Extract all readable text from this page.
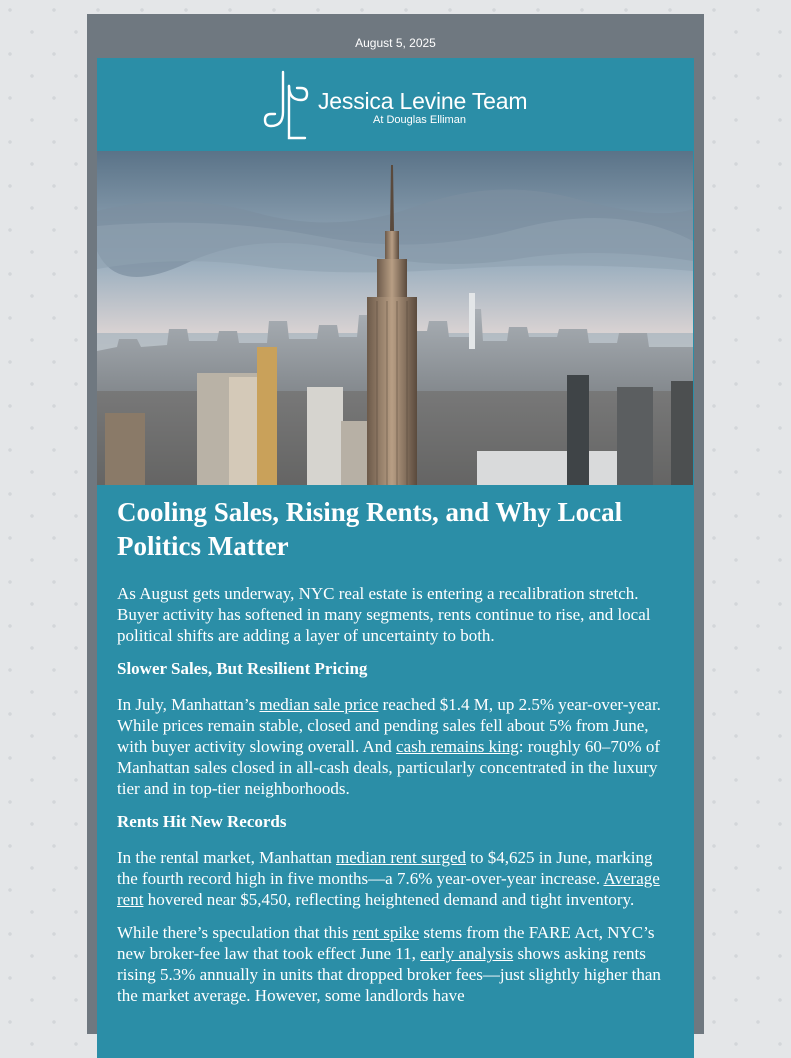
August 5, 2025
Jessica Levine Team
At Douglas Elliman
Cooling Sales, Rising Rents, and Why Local Politics Matter

As August gets underway, NYC real estate is entering a recalibration stretch. Buyer activity has softened in many segments, rents continue to rise, and local political shifts are adding a layer of uncertainty to both.

Slower Sales, But Resilient Pricing

In July, Manhattan’s median sale price reached $1.4 M, up 2.5% year-over-year. While prices remain stable, closed and pending sales fell about 5% from June, with buyer activity slowing overall. And cash remains king: roughly 60–70% of Manhattan sales closed in all-cash deals, particularly concentrated in the luxury tier and in top-tier neighborhoods.

Rents Hit New Records

In the rental market, Manhattan median rent surged to $4,625 in June, marking the fourth record high in five months—a 7.6% year-over-year increase. Average rent hovered near $5,450, reflecting heightened demand and tight inventory.

While there’s speculation that this rent spike stems from the FARE Act, NYC’s new broker-fee law that took effect June 11, early analysis shows asking rents rising 5.3% annually in units that dropped broker fees—just slightly higher than the market average. However, some landlords have
